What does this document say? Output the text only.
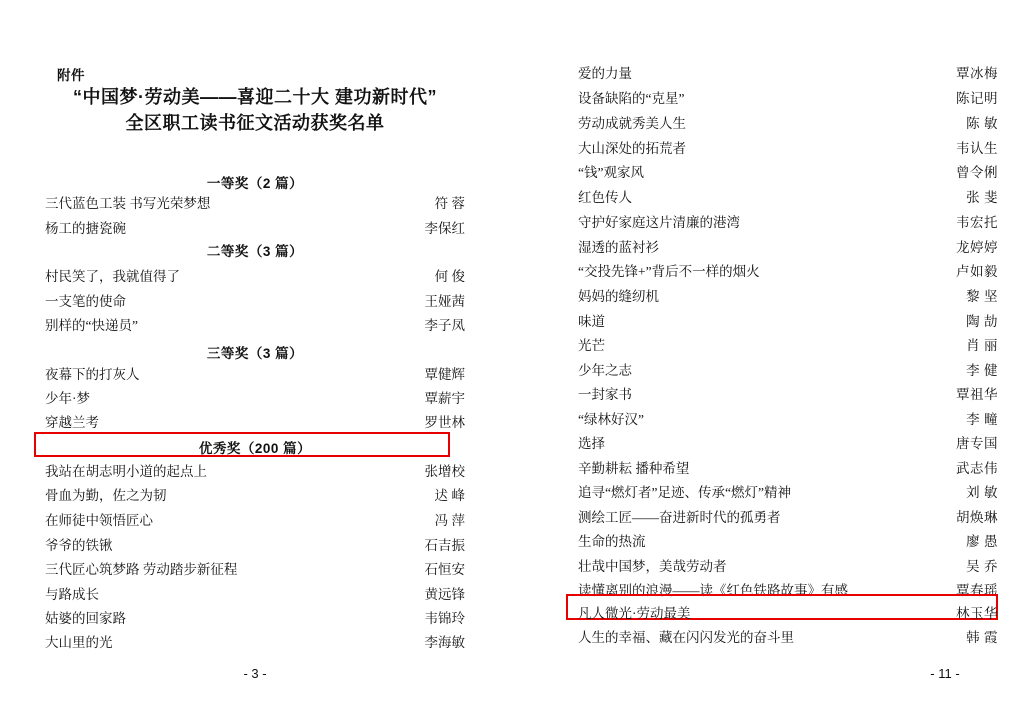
附件
“中国梦·劳动美——喜迎二十大 建功新时代”
全区职工读书征文活动获奖名单
一等奖（2 篇）
三代蓝色工装 书写光荣梦想	符 蓉
杨工的搪瓷碗	李保红
二等奖（3 篇）
村民笑了，我就值得了	何 俊
一支笔的使命	王娅茜
别样的“快递员”	李子凤
三等奖（3 篇）
夜幕下的打灰人	覃健辉
少年·梦	覃薪宇
穿越兰考	罗世林
优秀奖（200 篇）
我站在胡志明小道的起点上	张增校
骨血为勤，佐之为韧	迖 峰
在师徒中领悟匠心	冯 萍
爷爷的铁锹	石吉振
三代匠心筑梦路 劳动踏步新征程	石恒安
与路成长	黄远锋
姑婆的回家路	韦锦玲
大山里的光	李海敏
- 3 -
爱的力量	覃冰梅
设备缺陷的“克星”	陈记明
劳动成就秀美人生	陈 敏
大山深处的拓荒者	韦认生
“钱”观家风	曾令俐
红色传人	张 斐
守护好家庭这片清廉的港湾	韦宏托
湿透的蓝衬衫	龙婷婷
“交投先锋+”背后不一样的烟火	卢如毅
妈妈的缝纫机	黎 坚
味道	陶 劼
光芒	肖 丽
少年之志	李 健
一封家书	覃祖华
“绿林好汉”	李 疃
选择	唐专国
辛勤耕耘 播种希望	武志伟
追寻“燃灯者”足迹、传承“燃灯”精神	刘 敏
测绘工匠——奋进新时代的孤勇者	胡焕琳
生命的热流	廖 愚
壮哉中国梦，美哉劳动者	吴 乔
读懂离别的浪漫——读《红色铁路故事》有感	覃春瑶
凡人微光·劳动最美	林玉华
人生的幸福、藏在闪闪发光的奋斗里	韩 霞
- 11 -
